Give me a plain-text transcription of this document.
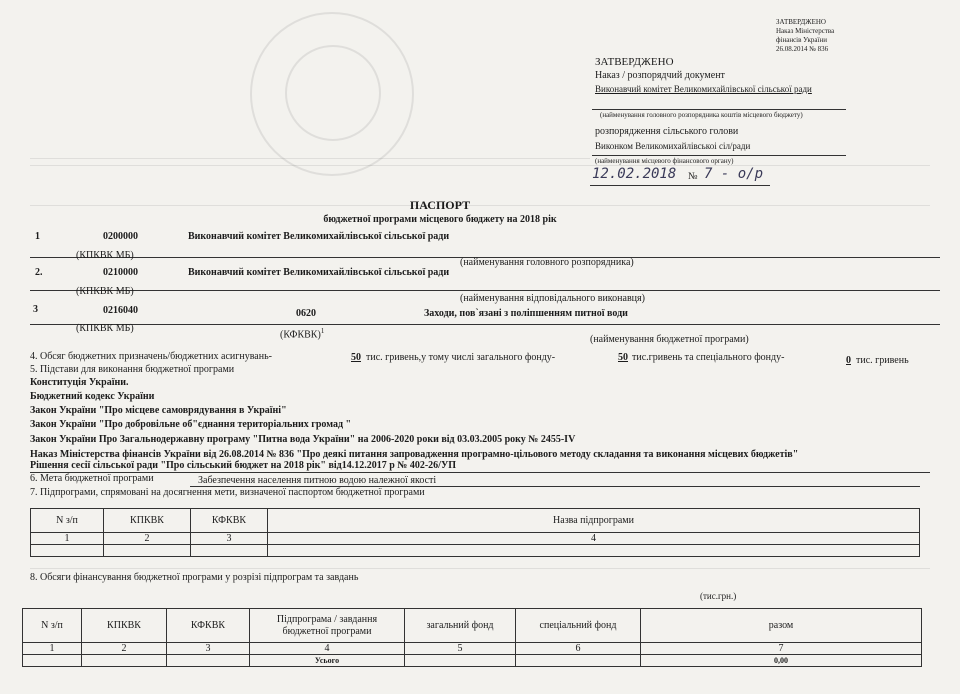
ЗАТВЕРДЖЕНО
Наказ Міністерства
фінансів України
26.08.2014 № 836
ЗАТВЕРДЖЕНО
Наказ / розпорядчий документ
Виконавчий комітет Великомихайлівської сільської ради
(найменування головного розпорядника коштів місцевого бюджету)
розпорядження сільського голови
Виконком Великомихайлівськоі сіл/ради
(найменування місцевого фінансового органу)
12.02.2018 № 7 - о/р
ПАСПОРТ
бюджетної програми місцевого бюджету на 2018 рік
1	0200000	Виконавчий комітет Великомихайлівської сільської ради
(КПКВК МБ)
(найменування головного розпорядника)
2.	0210000	Виконавчий комітет Великомихайлівської сільської ради
(КПКВК МБ)
(найменування відповідального виконавця)
3	0216040	0620	Заходи, пов`язані з поліпшенням питної води
(КПКВК МБ)
(КФКВК)$^1$
(найменування бюджетної програми)
4. Обсяг бюджетних призначень/бюджетних асигнувань-	50 тис. гривень,у тому числі загального фонду-	50 тис.гривень та спеціального фонду-	0 тис. гривень
5. Підстави для виконання бюджетної програми
Конституція України.
Бюджетний кодекс України
Закон України "Про місцеве самоврядування в Україні"
Закон України "Про добровільне об"єднання територіальних громад "
Закон України Про Загальнодержавну програму "Питна вода України" на 2006-2020 роки від 03.03.2005 року № 2455-IV
Наказ Міністерства фінансів України від 26.08.2014 № 836 "Про деякі питання запровадження програмно-цільового методу складання та виконання місцевих бюджетів"
Рішення сесії сільської ради "Про сільський бюджет на 2018 рік" від14.12.2017 р № 402-26/УП
6. Мета бюджетної програми	Забезпечення населення питною водою належної якості
7. Підпрограми, спрямовані на досягнення мети, визначеної паспортом бюджетної програми
N з/п	КПКВК	КФКВК	Назва підпрограми
1	2	3	4

8. Обсяги фінансування бюджетної програми у розрізі підпрограм та завдань
(тис.грн.)
N з/п	КПКВК	КФКВК	Підпрограма / завдання бюджетної програми	загальний фонд	спеціальний фонд	разом
1	2	3	4	5	6	7
			Усього			0,00
